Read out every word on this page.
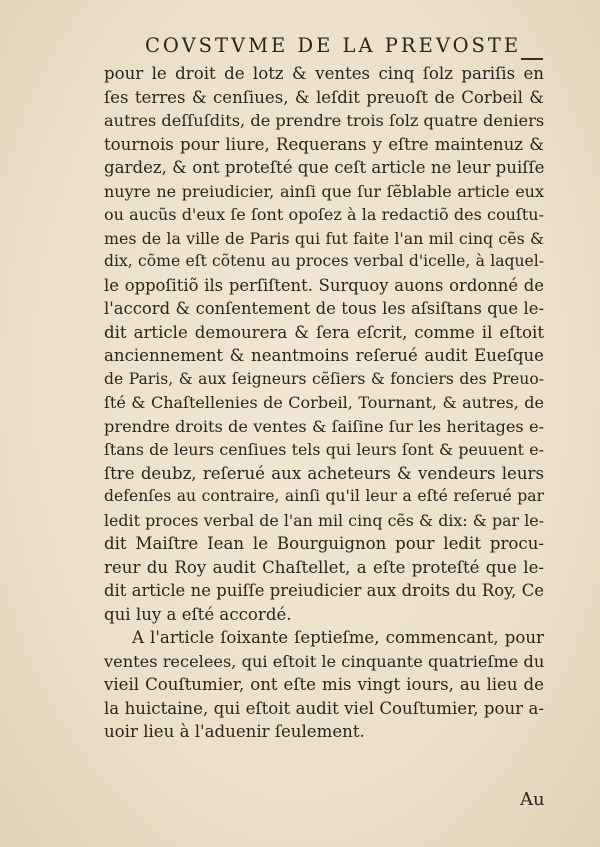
COVSTVME DE LA PREVOSTE
pour le droit de lotz & ventes cinq ſolz pariſis en
ſes terres & cenſiues, & leſdit preuoſt de Corbeil &
autres deſſuſdits, de prendre trois ſolz quatre deniers
tournois pour liure, Requerans y eſtre maintenuz &
gardez, & ont proteſté que ceſt article ne leur puiſſe
nuyre ne preiudicier, ainſi que ſur ſẽblable article eux
ou aucũs d'eux ſe ſont opoſez à la redactiõ des couſtu-
mes de la ville de Paris qui fut faite l'an mil cinq cẽs &
dix, cõme eſt cõtenu au proces verbal d'icelle, à laquel-
le oppoſitiõ ils perſiſtent. Surquoy auons ordonné de
l'accord & conſentement de tous les aſsiſtans que le-
dit article demourera & ſera eſcrit, comme il eſtoit
anciennement & neantmoins reſerué audit Eueſque
de Paris, & aux ſeigneurs cẽſiers & fonciers des Preuo-
ſté & Chaſtellenies de Corbeil, Tournant, & autres, de
prendre droits de ventes & ſaiſine ſur les heritages e-
ſtans de leurs cenſiues tels qui leurs ſont & peuuent e-
ſtre deubz, reſerué aux acheteurs & vendeurs leurs
defenſes au contraire, ainſi qu'il leur a eſté reſerué par
ledit proces verbal de l'an mil cinq cẽs & dix: & par le-
dit Maiſtre Iean le Bourguignon pour ledit procu-
reur du Roy audit Chaſtellet, a eſte proteſté que le-
dit article ne puiſſe preiudicier aux droits du Roy, Ce
qui luy a eſté accordé.
A l'article ſoixante ſeptieſme, commencant, pour
ventes recelees, qui eſtoit le cinquante quatrieſme du
vieil Couſtumier, ont eſte mis vingt iours, au lieu de
la huictaine, qui eſtoit audit viel Couſtumier, pour a-
uoir lieu à l'aduenir ſeulement.
Au
